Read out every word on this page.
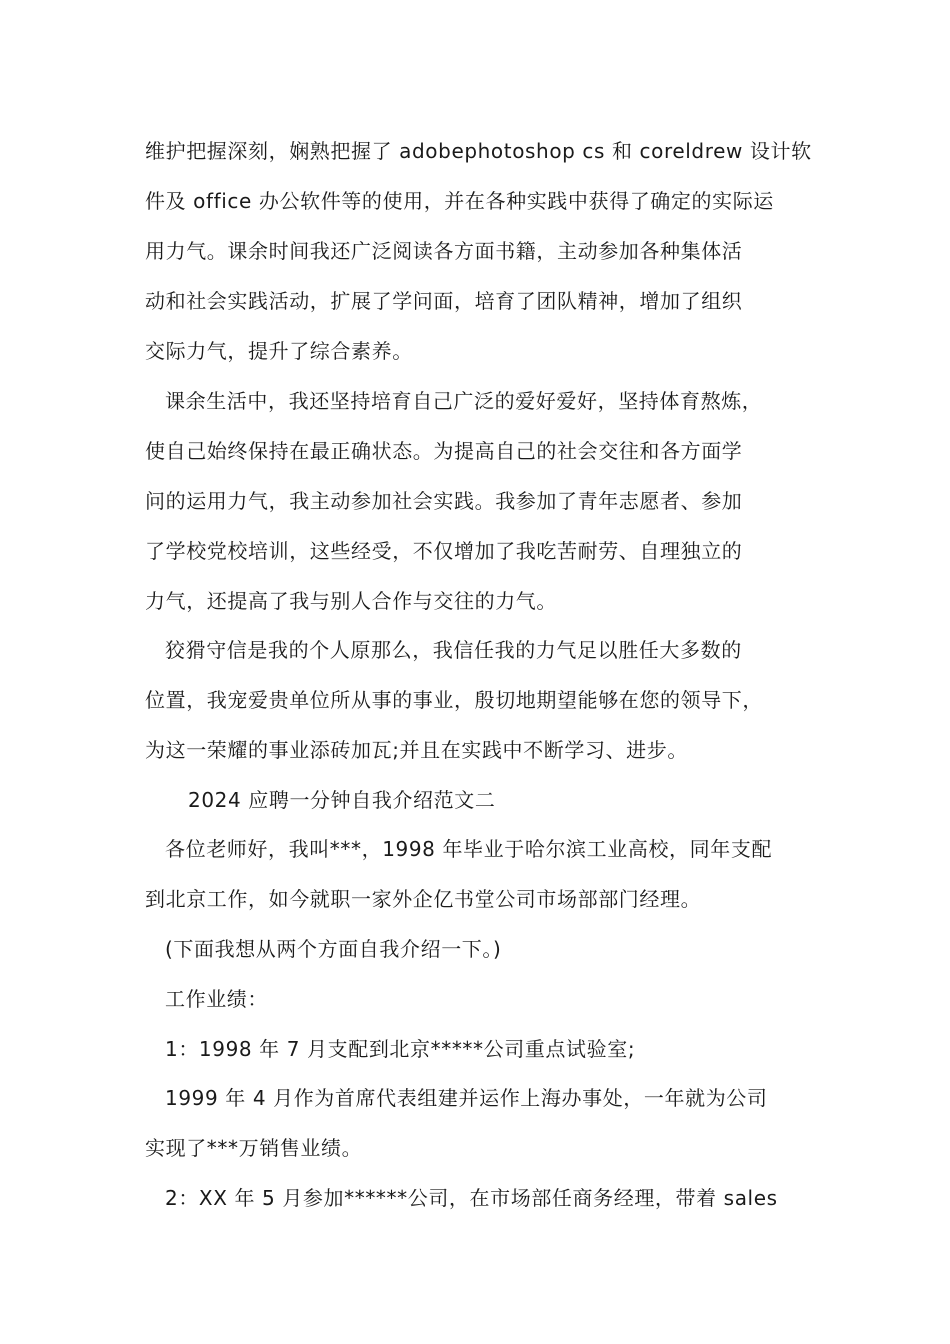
维护把握深刻，娴熟把握了 adobephotoshop cs 和 coreldrew 设计软
件及 office 办公软件等的使用，并在各种实践中获得了确定的实际运
用力气。课余时间我还广泛阅读各方面书籍，主动参加各种集体活
动和社会实践活动，扩展了学问面，培育了团队精神，增加了组织
交际力气，提升了综合素养。
课余生活中，我还坚持培育自己广泛的爱好爱好，坚持体育熬炼，
使自己始终保持在最正确状态。为提高自己的社会交往和各方面学
问的运用力气，我主动参加社会实践。我参加了青年志愿者、参加
了学校党校培训，这些经受，不仅增加了我吃苦耐劳、自理独立的
力气，还提高了我与别人合作与交往的力气。
狡猾守信是我的个人原那么，我信任我的力气足以胜任大多数的
位置，我宠爱贵单位所从事的事业，殷切地期望能够在您的领导下，
为这一荣耀的事业添砖加瓦;并且在实践中不断学习、进步。
2024 应聘一分钟自我介绍范文二
各位老师好，我叫***，1998 年毕业于哈尔滨工业高校，同年支配
到北京工作，如今就职一家外企亿书堂公司市场部部门经理。
(下面我想从两个方面自我介绍一下。)
工作业绩：
1：1998 年 7 月支配到北京*****公司重点试验室;
1999 年 4 月作为首席代表组建并运作上海办事处，一年就为公司
实现了***万销售业绩。
2：XX 年 5 月参加******公司，在市场部任商务经理，带着 sales
